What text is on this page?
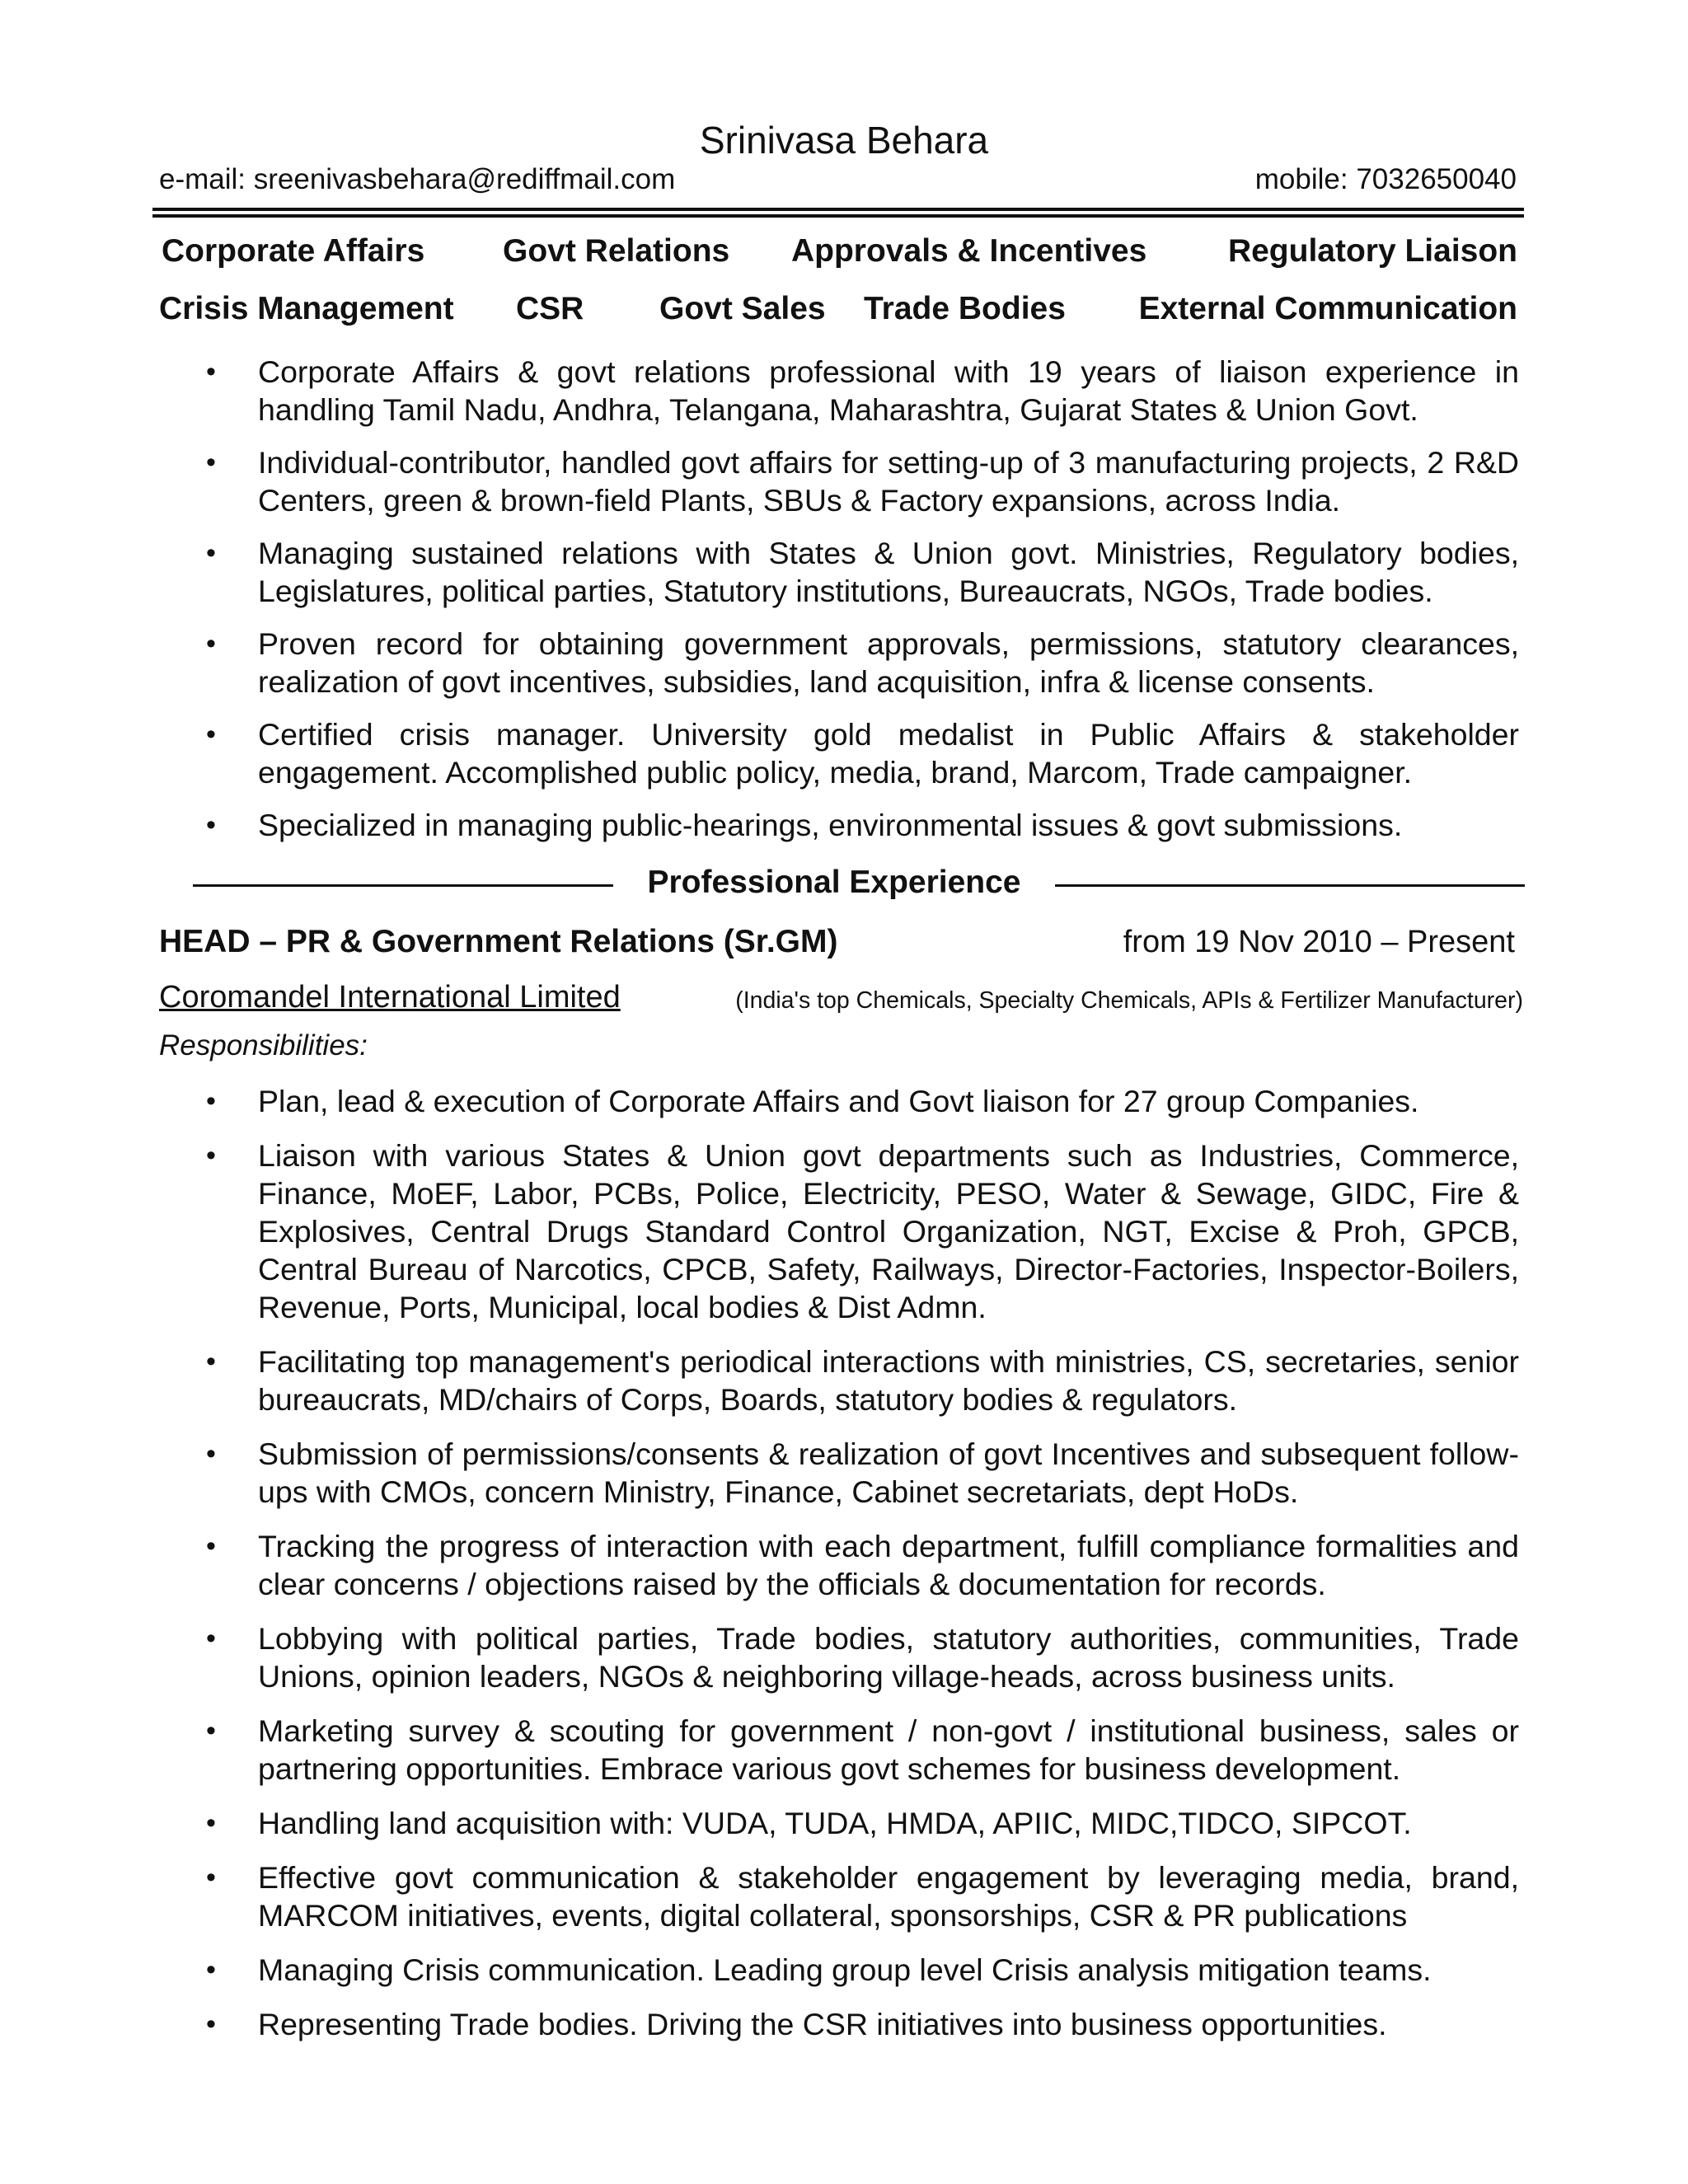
Srinivasa Behara
e-mail: sreenivasbehara@rediffmail.com	mobile: 7032650040
Corporate Affairs Govt Relations Approvals & Incentives	Regulatory Liaison
Crisis Management CSR Govt Sales Trade Bodies External Communication
• Corporate Affairs & govt relations professional with 19 years of liaison experience in handling Tamil Nadu, Andhra, Telangana, Maharashtra, Gujarat States & Union Govt.
• Individual-contributor, handled govt affairs for setting-up of 3 manufacturing projects, 2 R&D Centers, green & brown-field Plants, SBUs & Factory expansions, across India.
• Managing sustained relations with States & Union govt. Ministries, Regulatory bodies, Legislatures, political parties, Statutory institutions, Bureaucrats, NGOs, Trade bodies.
• Proven record for obtaining government approvals, permissions, statutory clearances, realization of govt incentives, subsidies, land acquisition, infra & license consents.
• Certified crisis manager. University gold medalist in Public Affairs & stakeholder engagement. Accomplished public policy, media, brand, Marcom, Trade campaigner.
• Specialized in managing public-hearings, environmental issues & govt submissions.
Professional Experience
HEAD – PR & Government Relations (Sr.GM)	from 19 Nov 2010 – Present
Coromandel International Limited	(India's top Chemicals, Specialty Chemicals, APIs & Fertilizer Manufacturer)
Responsibilities:
• Plan, lead & execution of Corporate Affairs and Govt liaison for 27 group Companies.
• Liaison with various States & Union govt departments such as Industries, Commerce, Finance, MoEF, Labor, PCBs, Police, Electricity, PESO, Water & Sewage, GIDC, Fire & Explosives, Central Drugs Standard Control Organization, NGT, Excise & Proh, GPCB, Central Bureau of Narcotics, CPCB, Safety, Railways, Director-Factories, Inspector-Boilers, Revenue, Ports, Municipal, local bodies & Dist Admn.
• Facilitating top management's periodical interactions with ministries, CS, secretaries, senior bureaucrats, MD/chairs of Corps, Boards, statutory bodies & regulators.
• Submission of permissions/consents & realization of govt Incentives and subsequent follow-ups with CMOs, concern Ministry, Finance, Cabinet secretariats, dept HoDs.
• Tracking the progress of interaction with each department, fulfill compliance formalities and clear concerns / objections raised by the officials & documentation for records.
• Lobbying with political parties, Trade bodies, statutory authorities, communities, Trade Unions, opinion leaders, NGOs & neighboring village-heads, across business units.
• Marketing survey & scouting for government / non-govt / institutional business, sales or partnering opportunities. Embrace various govt schemes for business development.
• Handling land acquisition with: VUDA, TUDA, HMDA, APIIC, MIDC,TIDCO, SIPCOT.
• Effective govt communication & stakeholder engagement by leveraging media, brand, MARCOM initiatives, events, digital collateral, sponsorships, CSR & PR publications
• Managing Crisis communication. Leading group level Crisis analysis mitigation teams.
• Representing Trade bodies. Driving the CSR initiatives into business opportunities.
